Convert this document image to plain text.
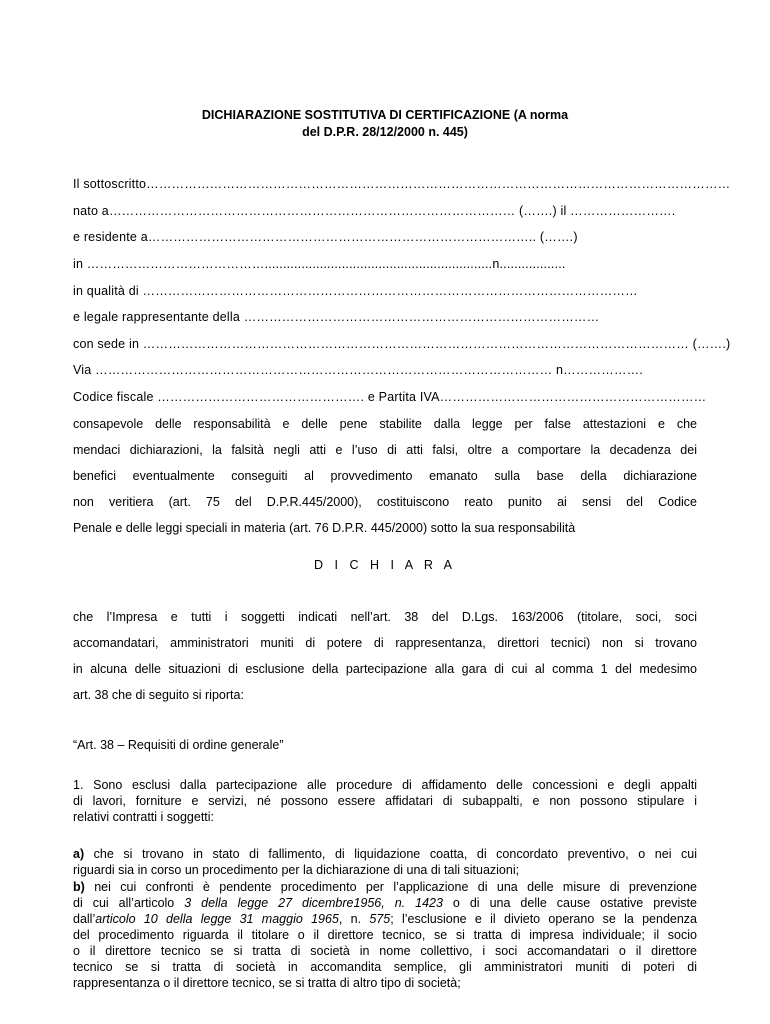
DICHIARAZIONE SOSTITUTIVA DI CERTIFICAZIONE (A norma
del D.P.R. 28/12/2000 n. 445)
Il sottoscritto…………………………………………………………………………………………………………………………
nato a…………………………………………………………………………………… (…….) il …………………….
e residente a……………………………………………………………………………….. (…….)
in ……………………………………..............................................................n..................
in qualità di ………………………………………………………………………………………………………
e legale rappresentante della …………………………………………………………………………
con sede in ………………………………………………………………………………………………………………… (…….)
Via ……………………………………………………………………………………………… n……………….
Codice fiscale …………………………………………. e Partita IVA………………………………………………………
consapevole delle responsabilità e delle pene stabilite dalla legge per false attestazioni e che
mendaci dichiarazioni, la falsità negli atti e l’uso di atti falsi, oltre a comportare la decadenza dei
benefici eventualmente conseguiti al provvedimento emanato sulla base della dichiarazione
non veritiera (art. 75 del D.P.R.445/2000), costituiscono reato punito ai sensi del Codice
Penale e delle leggi speciali in materia (art. 76 D.P.R. 445/2000) sotto la sua responsabilità
D I C H I A R A
che l’Impresa e tutti i soggetti indicati nell’art. 38 del D.Lgs. 163/2006 (titolare, soci, soci
accomandatari, amministratori muniti di potere di rappresentanza, direttori tecnici) non si trovano
in alcuna delle situazioni di esclusione della partecipazione alla gara di cui al comma 1 del medesimo
art. 38 che di seguito si riporta:
“Art. 38 – Requisiti di ordine generale”
1. Sono esclusi dalla partecipazione alle procedure di affidamento delle concessioni e degli appalti
di lavori, forniture e servizi, né possono essere affidatari di subappalti, e non possono stipulare i
relativi contratti i soggetti:
a) che si trovano in stato di fallimento, di liquidazione coatta, di concordato preventivo, o nei cui
riguardi sia in corso un procedimento per la dichiarazione di una di tali situazioni;
b) nei cui confronti è pendente procedimento per l’applicazione di una delle misure di prevenzione
di cui all’articolo 3 della legge 27 dicembre1956, n. 1423 o di una delle cause ostative previste
dall’articolo 10 della legge 31 maggio 1965, n. 575; l’esclusione e il divieto operano se la pendenza
del procedimento riguarda il titolare o il direttore tecnico, se si tratta di impresa individuale; il socio
o il direttore tecnico se si tratta di società in nome collettivo, i soci accomandatari o il direttore
tecnico se si tratta di società in accomandita semplice, gli amministratori muniti di poteri di
rappresentanza o il direttore tecnico, se si tratta di altro tipo di società;
